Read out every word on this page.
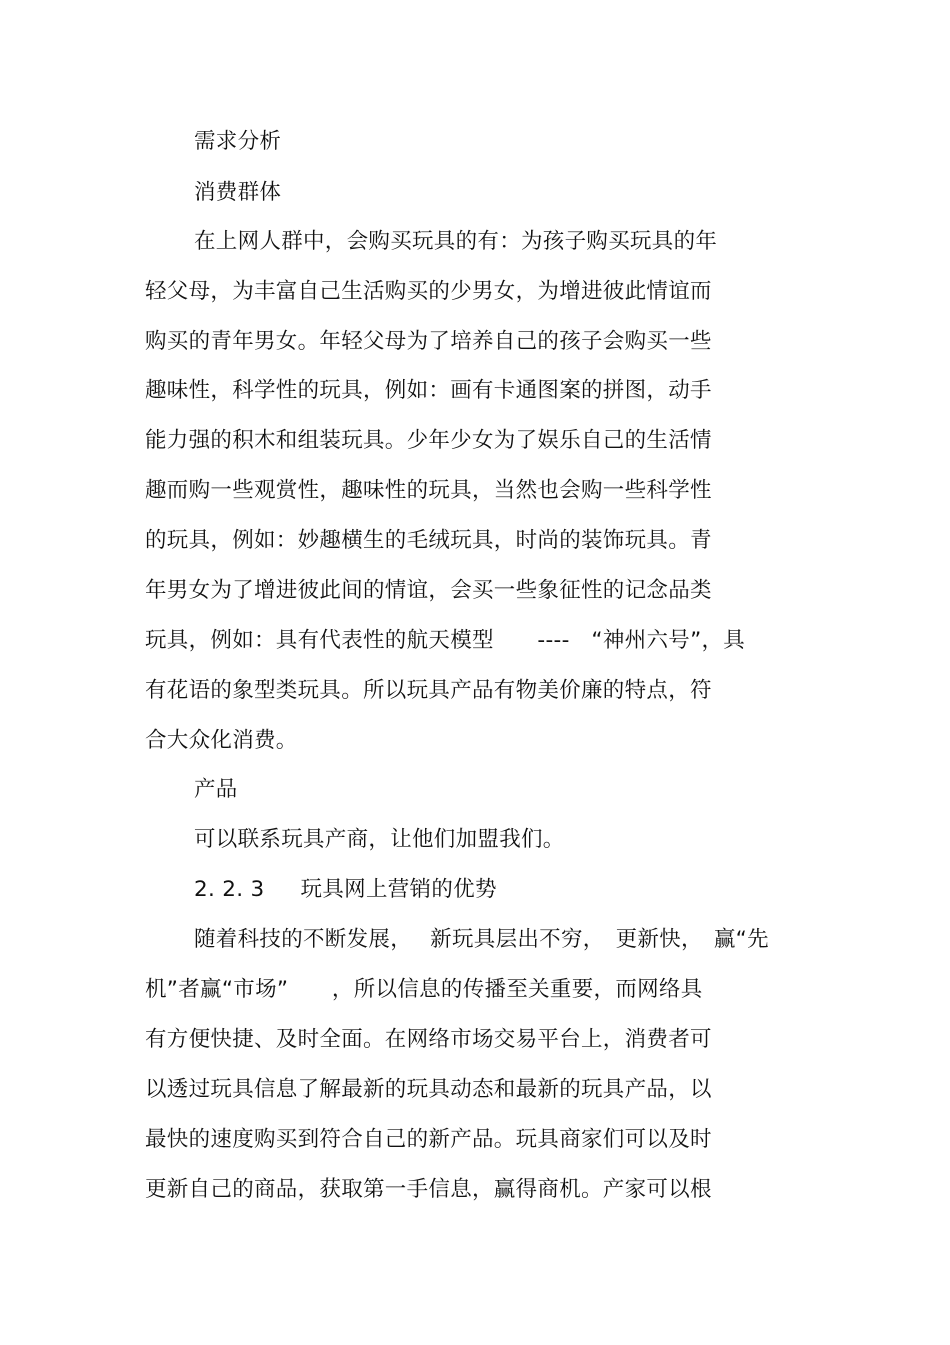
需求分析
消费群体
在上网人群中，会购买玩具的有：为孩子购买玩具的年
轻父母，为丰富自己生活购买的少男女，为增进彼此情谊而
购买的青年男女。年轻父母为了培养自己的孩子会购买一些
趣味性，科学性的玩具，例如：画有卡通图案的拼图，动手
能力强的积木和组装玩具。少年少女为了娱乐自己的生活情
趣而购一些观赏性，趣味性的玩具，当然也会购一些科学性
的玩具，例如：妙趣横生的毛绒玩具，时尚的装饰玩具。青
年男女为了增进彼此间的情谊，会买一些象征性的记念品类
玩具，例如：具有代表性的航天模型　　----　“神州六号”，具
有花语的象型类玩具。所以玩具产品有物美价廉的特点，符
合大众化消费。
产品
可以联系玩具产商，让他们加盟我们。
2. 2. 3　  玩具网上营销的优势
随着科技的不断发展，　 新玩具层出不穷，　更新快，　赢“先
机”者赢“市场”　　，所以信息的传播至关重要，而网络具
有方便快捷、及时全面。在网络市场交易平台上，消费者可
以透过玩具信息了解最新的玩具动态和最新的玩具产品，以
最快的速度购买到符合自己的新产品。玩具商家们可以及时
更新自己的商品，获取第一手信息，赢得商机。产家可以根
